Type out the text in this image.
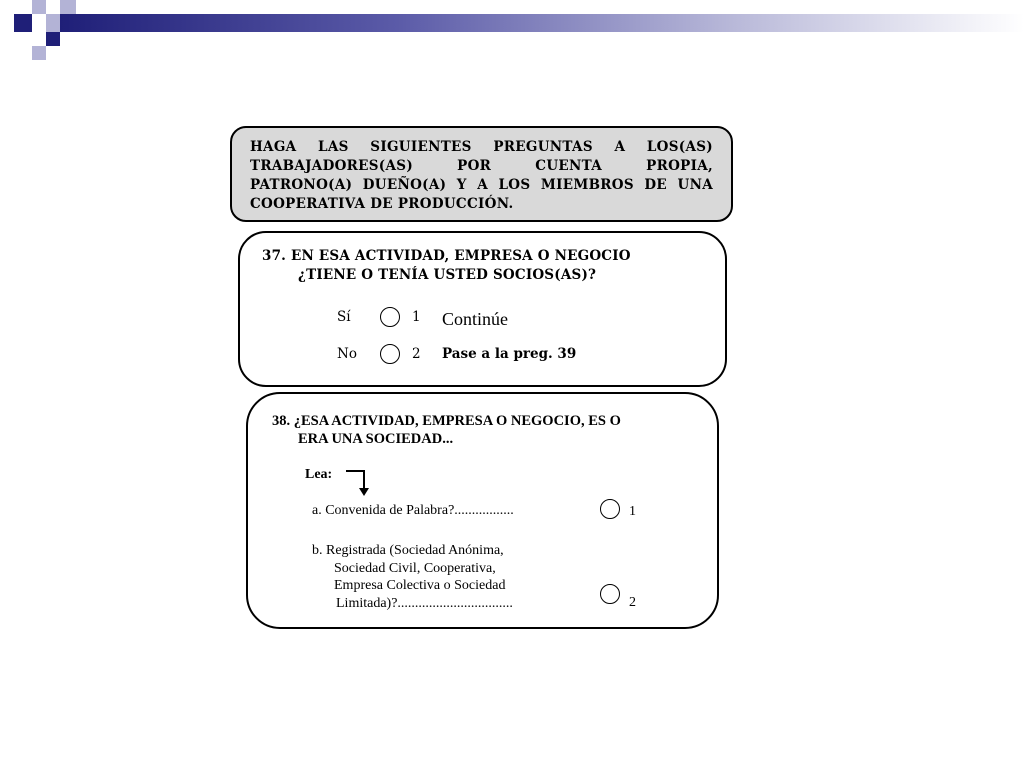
HAGA LAS SIGUIENTES PREGUNTAS A LOS(AS)
TRABAJADORES(AS) POR CUENTA PROPIA,
PATRONO(A) DUEÑO(A) Y A LOS MIEMBROS DE UNA
COOPERATIVA DE PRODUCCIÓN.
37. EN ESA ACTIVIDAD, EMPRESA O NEGOCIO
¿TIENE O TENÍA USTED SOCIOS(AS)?
Sí	1 Continúe
No	2 Pase a la preg. 39
38. ¿ESA ACTIVIDAD, EMPRESA O NEGOCIO, ES O
ERA UNA SOCIEDAD...
Lea:
a. Convenida de Palabra?.................	1
b. Registrada (Sociedad Anónima,
Sociedad Civil, Cooperativa,
Empresa Colectiva o Sociedad
Limitada)?.................................	2
